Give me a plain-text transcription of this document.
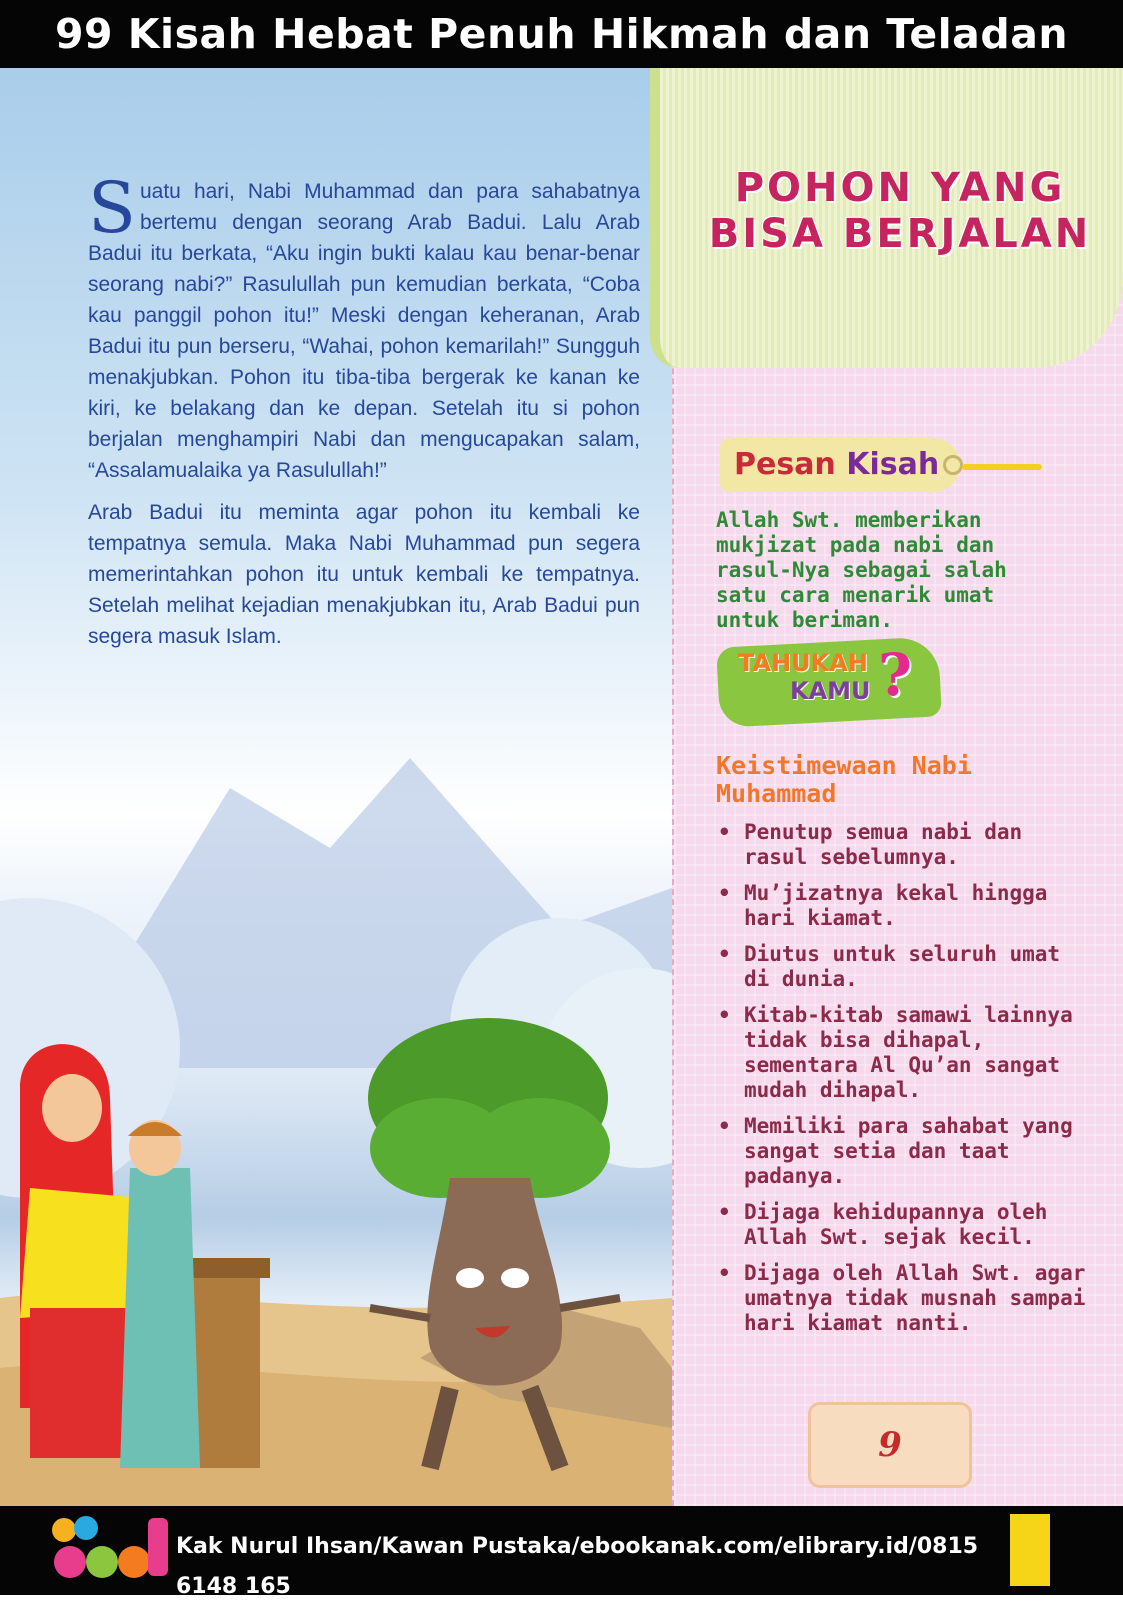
99 Kisah Hebat Penuh Hikmah dan Teladan

Suatu hari, Nabi Muhammad dan para sahabatnya bertemu dengan seorang Arab Badui. Lalu Arab Badui itu berkata, “Aku ingin bukti kalau kau benar-benar seorang nabi?” Rasulullah pun kemudian berkata, “Coba kau panggil pohon itu!” Meski dengan keheranan, Arab Badui itu pun berseru, “Wahai, pohon kemarilah!” Sungguh menakjubkan. Pohon itu tiba-tiba bergerak ke kanan ke kiri, ke belakang dan ke depan. Setelah itu si pohon berjalan menghampiri Nabi dan mengucapakan salam, “Assalamualaika ya Rasulullah!”

Arab Badui itu meminta agar pohon itu kembali ke tempatnya semula. Maka Nabi Muhammad pun segera memerintahkan pohon itu untuk kembali ke tempatnya. Setelah melihat kejadian menakjubkan itu, Arab Badui pun segera masuk Islam.

POHON YANG BISA BERJALAN
Pesan Kisah
Allah Swt. memberikan mukjizat pada nabi dan rasul-Nya sebagai salah satu cara menarik umat untuk beriman.
TAHUKAH
KAMU ?
Keistimewaan Nabi Muhammad
• Penutup semua nabi dan rasul sebelumnya.
• Mu’jizatnya kekal hingga hari kiamat.
• Diutus untuk seluruh umat di dunia.
• Kitab-kitab samawi lainnya tidak bisa dihapal, sementara Al Qu’an sangat mudah dihapal.
• Memiliki para sahabat yang sangat setia dan taat padanya.
• Dijaga kehidupannya oleh Allah Swt. sejak kecil.
• Dijaga oleh Allah Swt. agar umatnya tidak musnah sampai hari kiamat nanti.
9
Kak Nurul Ihsan/Kawan Pustaka/ebookanak.com/elibrary.id/0815 6148 165
